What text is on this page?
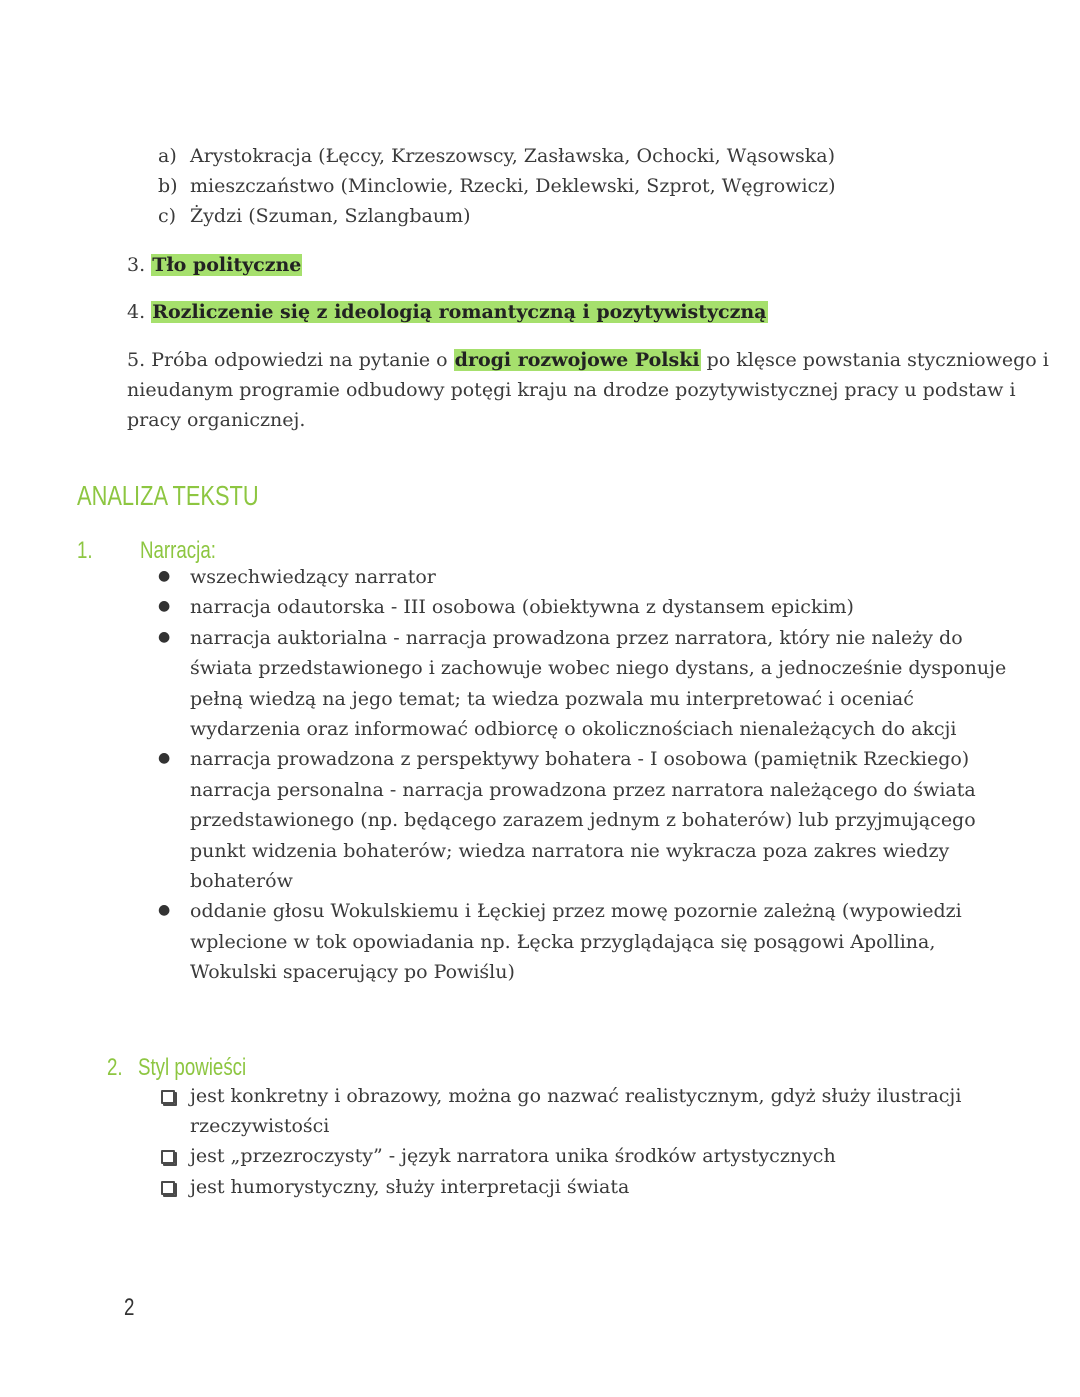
a) Arystokracja (Łęccy, Krzeszowscy, Zasławska, Ochocki, Wąsowska)
b) mieszczaństwo (Minclowie, Rzecki, Deklewski, Szprot, Węgrowicz)
c) Żydzi (Szuman, Szlangbaum)
3. Tło polityczne
4. Rozliczenie się z ideologią romantyczną i pozytywistyczną
5. Próba odpowiedzi na pytanie o drogi rozwojowe Polski po klęsce powstania styczniowego i
nieudanym programie odbudowy potęgi kraju na drodze pozytywistycznej pracy u podstaw i
pracy organicznej.
ANALIZA TEKSTU
1. Narracja:
● wszechwiedzący narrator
● narracja odautorska - III osobowa (obiektywna z dystansem epickim)
● narracja auktorialna - narracja prowadzona przez narratora, który nie należy do
świata przedstawionego i zachowuje wobec niego dystans, a jednocześnie dysponuje
pełną wiedzą na jego temat; ta wiedza pozwala mu interpretować i oceniać
wydarzenia oraz informować odbiorcę o okolicznościach nienależących do akcji
● narracja prowadzona z perspektywy bohatera - I osobowa (pamiętnik Rzeckiego)
narracja personalna - narracja prowadzona przez narratora należącego do świata
przedstawionego (np. będącego zarazem jednym z bohaterów) lub przyjmującego
punkt widzenia bohaterów; wiedza narratora nie wykracza poza zakres wiedzy
bohaterów
● oddanie głosu Wokulskiemu i Łęckiej przez mowę pozornie zależną (wypowiedzi
wplecione w tok opowiadania np. Łęcka przyglądająca się posągowi Apollina,
Wokulski spacerujący po Powiślu)
2. Styl powieści
jest konkretny i obrazowy, można go nazwać realistycznym, gdyż służy ilustracji
rzeczywistości
jest „przezroczysty” - język narratora unika środków artystycznych
jest humorystyczny, służy interpretacji świata
2
